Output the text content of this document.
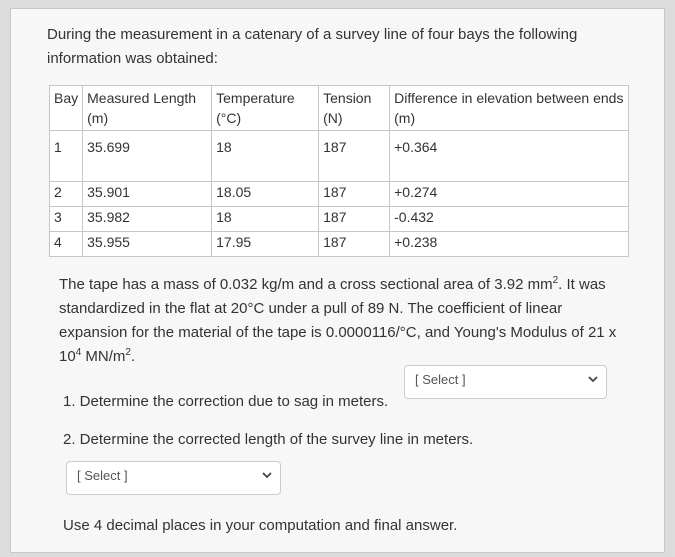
During the measurement in a catenary of a survey line of four bays the following information was obtained:
Bay	Measured Length (m)	Temperature (°C)	Tension (N)	Difference in elevation between ends (m)
1	35.699	18	187	+0.364
2	35.901	18.05	187	+0.274
3	35.982	18	187	-0.432
4	35.955	17.95	187	+0.238
The tape has a mass of 0.032 kg/m and a cross sectional area of 3.92 $mm^2$. It was standardized in the flat at 20°C under a pull of 89 N. The coefficient of linear expansion for the material of the tape is 0.0000116/°C, and Young's Modulus of 21 x $10^4$ $MN/m^2$.
1. Determine the correction due to sag in meters.
[ Select ]
2. Determine the corrected length of the survey line in meters.
[ Select ]
Use 4 decimal places in your computation and final answer.
